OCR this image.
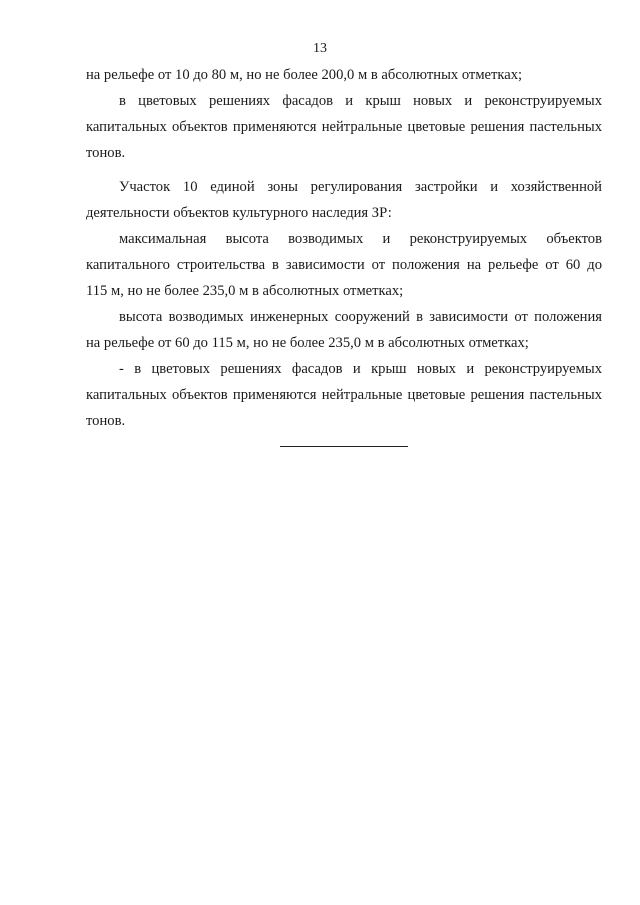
13
на рельефе от 10 до 80 м, но не более 200,0 м в абсолютных отметках;
в цветовых решениях фасадов и крыш новых и реконструируемых
капитальных объектов применяются нейтральные цветовые решения пастельных
тонов.
Участок 10 единой зоны регулирования застройки и хозяйственной
деятельности объектов культурного наследия ЗР:
максимальная высота возводимых и реконструируемых объектов
капитального строительства в зависимости от положения на рельефе от 60 до
115 м, но не более 235,0 м в абсолютных отметках;
высота возводимых инженерных сооружений в зависимости от положения
на рельефе от 60 до 115 м, но не более 235,0 м в абсолютных отметках;
- в цветовых решениях фасадов и крыш новых и реконструируемых
капитальных объектов применяются нейтральные цветовые решения пастельных
тонов.
